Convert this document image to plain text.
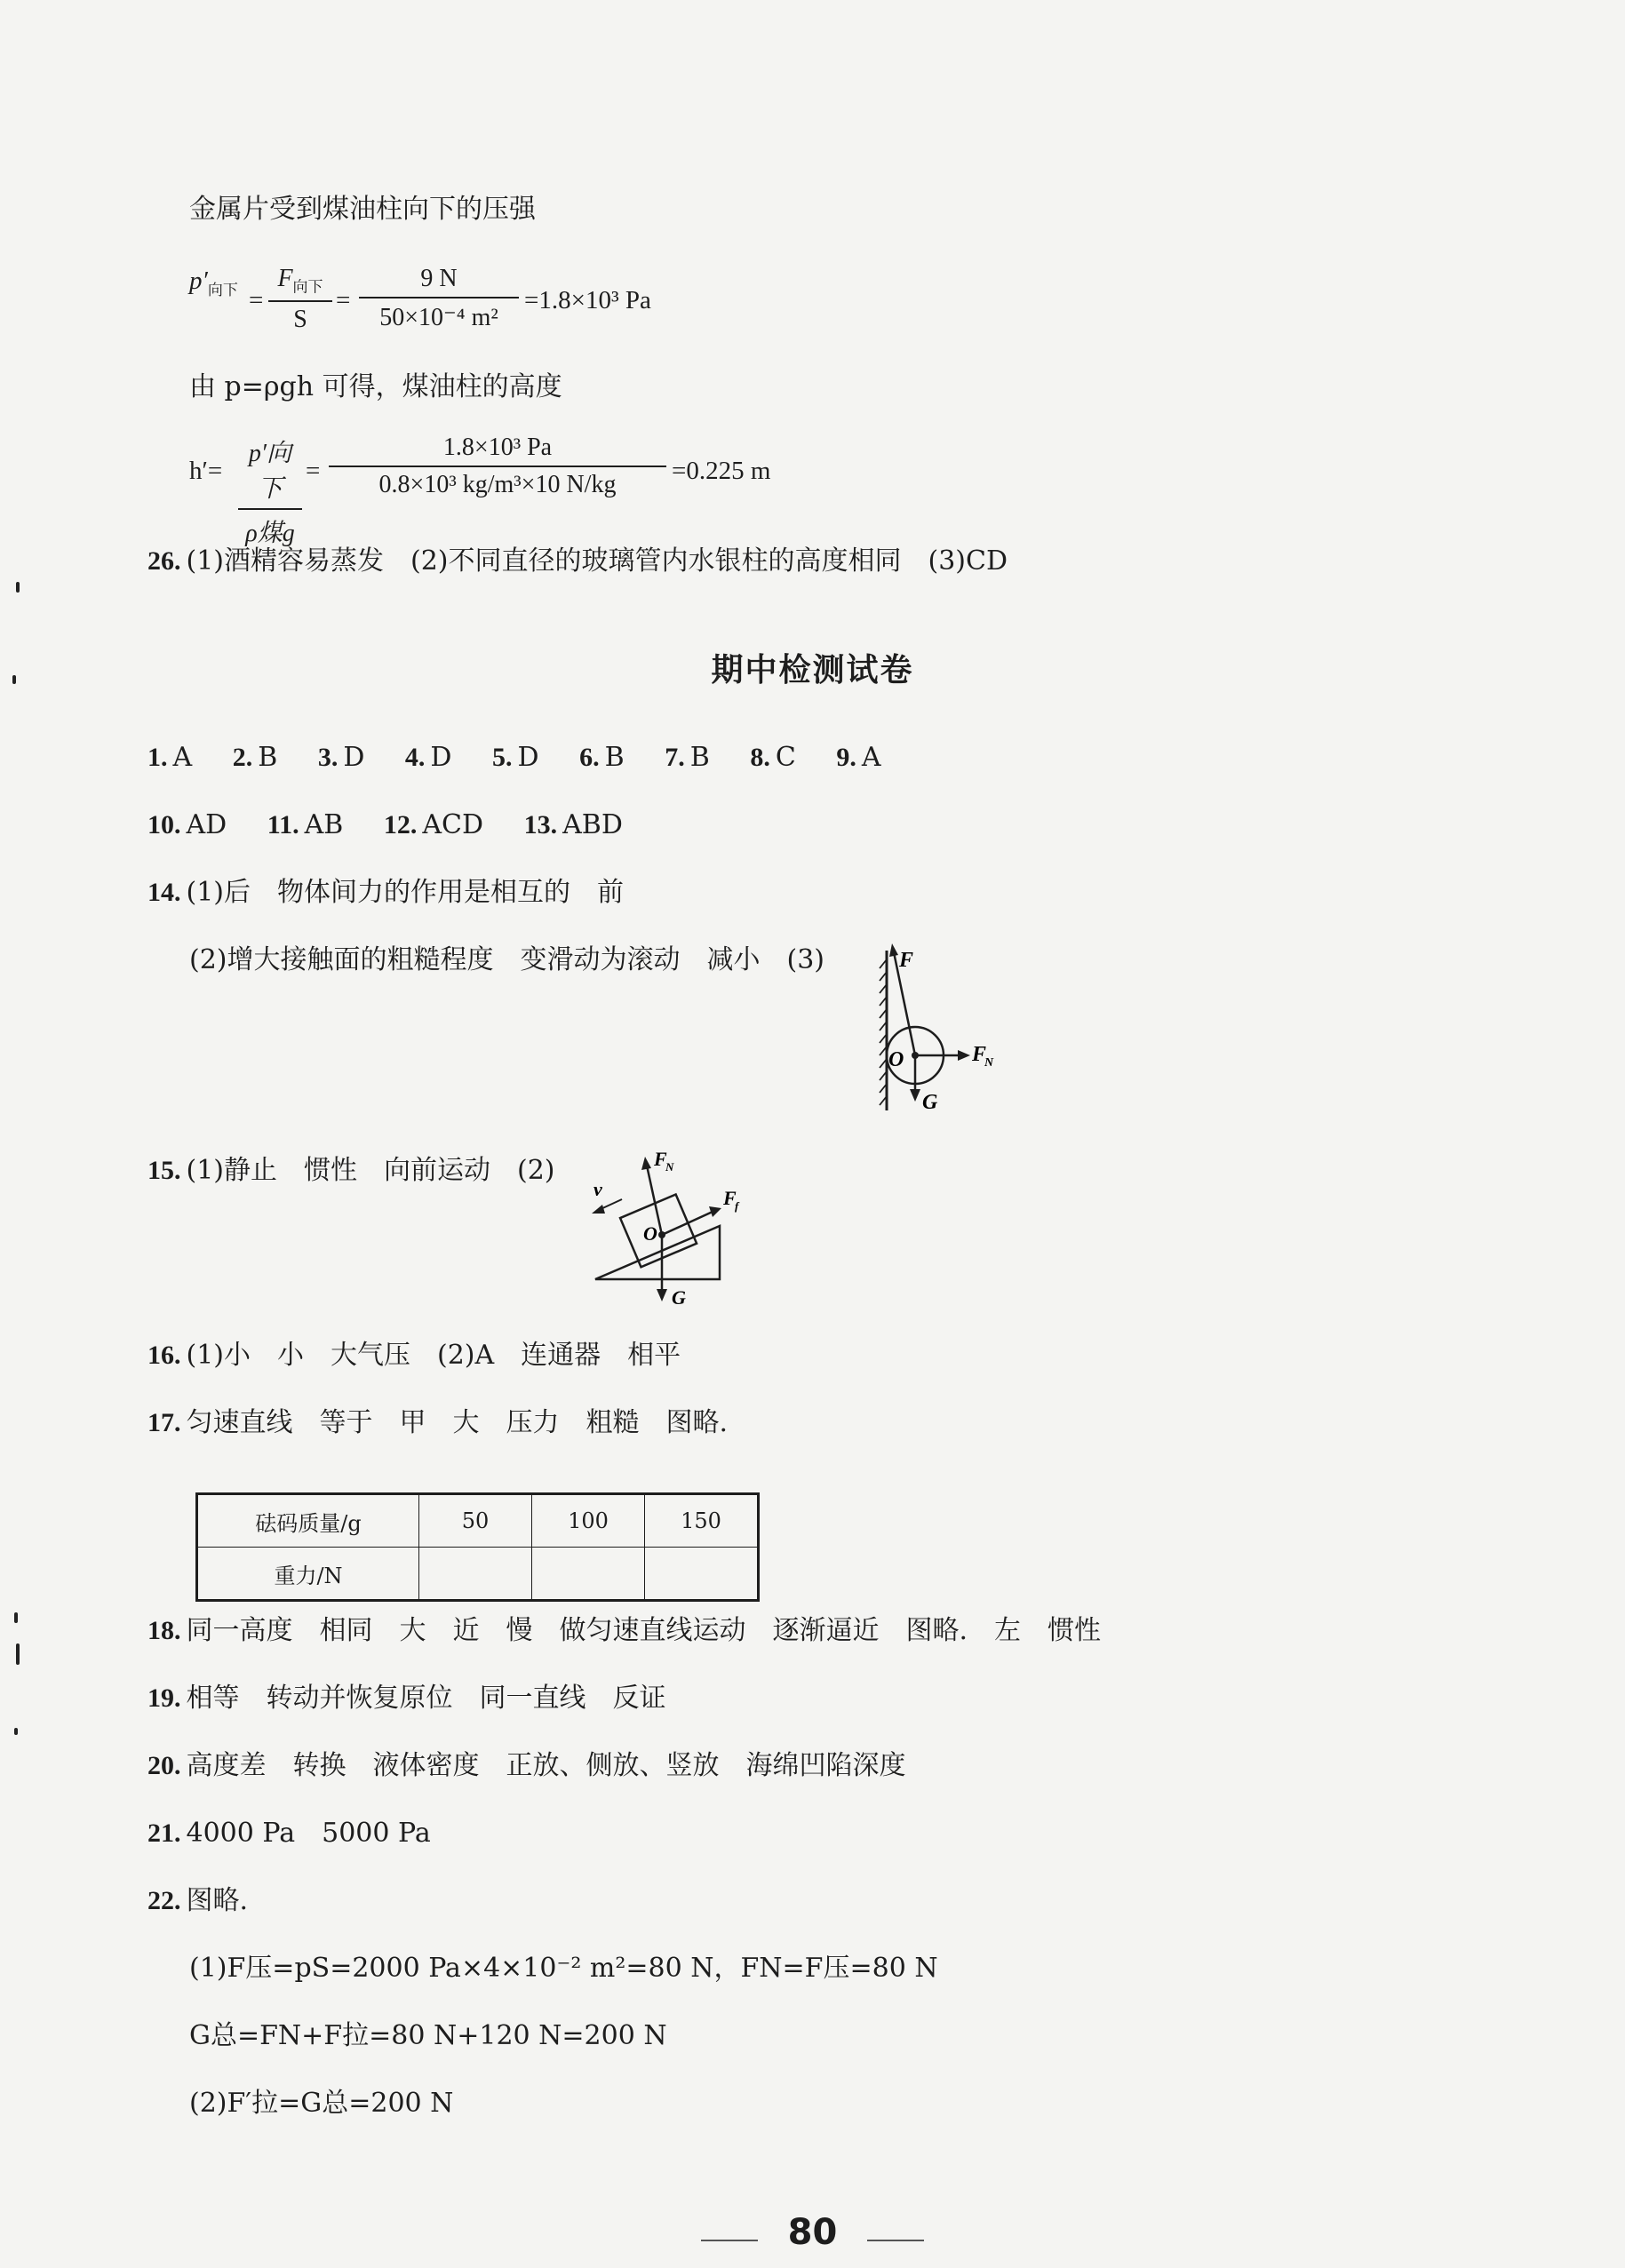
金属片受到煤油柱向下的压强
$p'_{向下}$ =
$F_{向下}$
S
=
9 N
50×10⁻⁴ m²
=1.8×10³ Pa
由 p=ρgh 可得，煤油柱的高度
h′=
p′向下
ρ煤g
=
1.8×10³ Pa
0.8×10³ kg/m³×10 N/kg	=0.225 m
26. (1)酒精容易蒸发　(2)不同直径的玻璃管内水银柱的高度相同　(3)CD
期中检测试卷
1. A 2. B 3. D 4. D 5. D 6. B 7. B 8. C 9. A
10. AD 11. AB 12. ACD 13. ABD
14. (1)后　物体间力的作用是相互的　前
(2)增大接触面的粗糙程度　变滑动为滚动　减小　(3)	F
O	F
N
G
15. (1)静止　惯性　向前运动　(2)	F
N
F
f
v
O
G
16. (1)小　小　大气压　(2)A　连通器　相平
17. 匀速直线　等于　甲　大　压力　粗糙　图略.
砝码质量/g	50	100	150
重力/N			
18. 同一高度　相同　大　近　慢　做匀速直线运动　逐渐逼近　图略.　左　惯性
19. 相等　转动并恢复原位　同一直线　反证
20. 高度差　转换　液体密度　正放、侧放、竖放　海绵凹陷深度
21. 4000 Pa　5000 Pa
22. 图略.
(1)F压=pS=2000 Pa×4×10⁻² m²=80 N，FN=F压=80 N
G总=FN+F拉=80 N+120 N=200 N
(2)F′拉=G总=200 N
80
